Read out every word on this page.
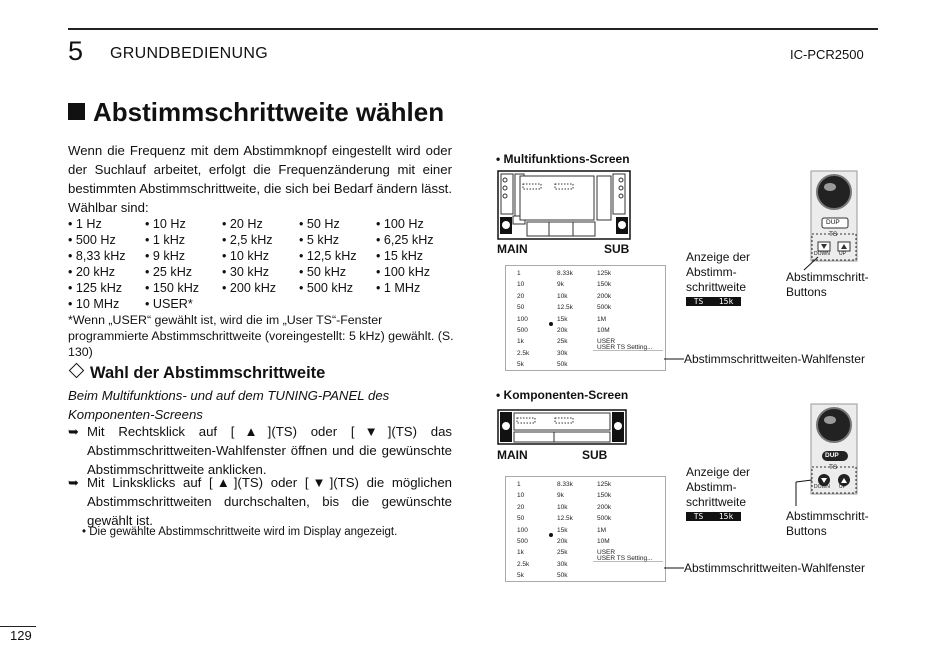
5 GRUNDBEDIENUNG	IC-PCR2500
Abstimmschrittweite wählen
Wenn die Frequenz mit dem Abstimmknopf eingestellt wird oder der Suchlauf arbeitet, erfolgt die Frequenzänderung mit einer bestimmten Abstimmschrittweite, die sich bei Bedarf ändern lässt. Wählbar sind:
• 1 Hz	• 10 Hz	• 20 Hz	• 50 Hz	• 100 Hz
• 500 Hz	• 1 kHz	• 2,5 kHz	• 5 kHz	• 6,25 kHz
• 8,33 kHz	• 9 kHz	• 10 kHz	• 12,5 kHz	• 15 kHz
• 20 kHz	• 25 kHz	• 30 kHz	• 50 kHz	• 100 kHz
• 125 kHz	• 150 kHz	• 200 kHz	• 500 kHz	• 1 MHz
• 10 MHz	• USER*
*Wenn „USER“ gewählt ist, wird die im „User TS“-Fenster programmierte Abstimmschrittweite (voreingestellt: 5 kHz) gewählt. (S. 130)
Wahl der Abstimmschrittweite
Beim Multifunktions- und auf dem TUNING-PANEL des Komponenten-Screens
➥ Mit Rechtsklick auf [▲](TS) oder [▼](TS) das Abstimmschrittweiten-Wahlfenster öffnen und die gewünschte Abstimmschrittweite anklicken.
➥ Mit Linksklicks auf [▲](TS) oder [▼](TS) die möglichen Abstimmschrittweiten durchschalten, bis die gewünschte gewählt ist.
• Die gewählte Abstimmschrittweite wird im Display angezeigt.
• Multifunktions-Screen
MAIN	SUB
Anzeige der Abstimm-schrittweite
TS 15k
DUP
TS
DOWN UP
Abstimmschritt-Buttons
1
10
20
50
100
500
1k
2.5k
5k
8.33k
9k
10k
12.5k
15k
20k
25k
30k
50k
125k
150k
200k
500k
1M
10M
USER
USER TS Setting...
Abstimmschrittweiten-Wahlfenster
• Komponenten-Screen
MAIN	SUB
Anzeige der Abstimm-schrittweite
TS 15k
DUP
TS
DOWN UP
Abstimmschritt-Buttons
1
10
20
50
100
500
1k
2.5k
5k
8.33k
9k
10k
12.5k
15k
20k
25k
30k
50k
125k
150k
200k
500k
1M
10M
USER
USER TS Setting...
Abstimmschrittweiten-Wahlfenster
129
